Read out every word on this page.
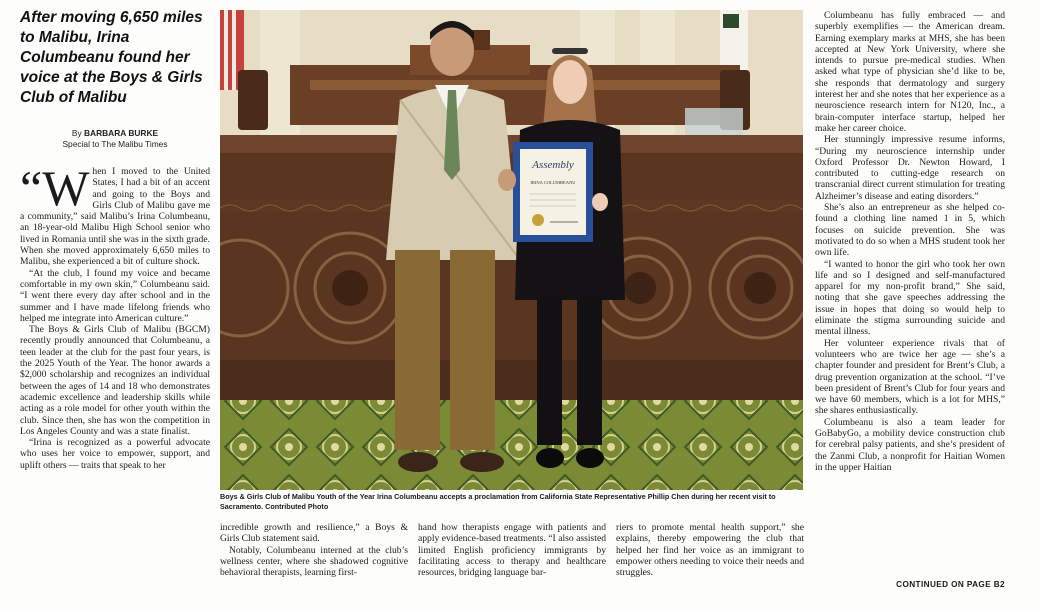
After moving 6,650 miles to Malibu, Irina Columbeanu found her voice at the Boys & Girls Club of Malibu
By BARBARA BURKE
Special to The Malibu Times

“When I moved to the United States, I had a bit of an accent and going to the Boys and Girls Club of Malibu gave me a community,” said Malibu’s Irina Columbeanu, an 18-year-old Malibu High School senior who lived in Romania until she was in the sixth grade. When she moved approximately 6,650 miles to Malibu, she experienced a bit of culture shock.

“At the club, I found my voice and became comfortable in my own skin,” Columbeanu said. “I went there every day after school and in the summer and I have made lifelong friends who helped me integrate into American culture.”

The Boys & Girls Club of Malibu (BGCM) recently proudly announced that Columbeanu, a teen leader at the club for the past four years, is the 2025 Youth of the Year. The honor awards a $2,000 scholarship and recognizes an individual between the ages of 14 and 18 who demonstrates academic excellence and leadership skills while acting as a role model for other youth within the club. Since then, she has won the competition in Los Angeles County and was a state finalist.

“Irina is recognized as a powerful advocate who uses her voice to empower, support, and uplift others — traits that speak to her

Assembly
IRINA COLUMBEANU
Boys & Girls Club of Malibu Youth of the Year Irina Columbeanu accepts a proclamation from California State Representative Phillip Chen during her recent visit to Sacramento. Contributed Photo

incredible growth and resilience,” a Boys & Girls Club statement said.

Notably, Columbeanu interned at the club’s wellness center, where she shadowed cognitive behavioral therapists, learning first-

hand how therapists engage with patients and apply evidence-based treatments. “I also assisted limited English proficiency immigrants by facilitating access to therapy and healthcare resources, bridging language bar-

riers to promote mental health support,” she explains, thereby empowering the club that helped her find her voice as an immigrant to empower others needing to voice their needs and struggles.

Columbeanu has fully embraced — and superbly exemplifies — the American dream. Earning exemplary marks at MHS, she has been accepted at New York University, where she intends to pursue pre-medical studies. When asked what type of physician she’d like to be, she responds that dermatology and surgery interest her and she notes that her experience as a neuroscience research intern for N120, Inc., a brain-computer interface startup, helped her make her career choice.

Her stunningly impressive resume informs, “During my neuroscience internship under Oxford Professor Dr. Newton Howard, I contributed to cutting-edge research on transcranial direct current stimulation for treating Alzheimer’s disease and eating disorders.”

She’s also an entrepreneur as she helped co-found a clothing line named 1 in 5, which focuses on suicide prevention. She was motivated to do so when a MHS student took her own life.

“I wanted to honor the girl who took her own life and so I designed and self-manufactured apparel for my non-profit brand,” She said, noting that she gave speeches addressing the issue in hopes that doing so would help to eliminate the stigma surrounding suicide and mental illness.

Her volunteer experience rivals that of volunteers who are twice her age — she’s a chapter founder and president for Brent’s Club, a drug prevention organization at the school. “I’ve been president of Brent’s Club for four years and we have 60 members, which is a lot for MHS,” she shares enthusiastically.

Columbeanu is also a team leader for GoBabyGo, a mobility device construction club for cerebral palsy patients, and she’s president of the Zanmi Club, a nonprofit for Haitian Women in the upper Haitian

CONTINUED ON PAGE B2
